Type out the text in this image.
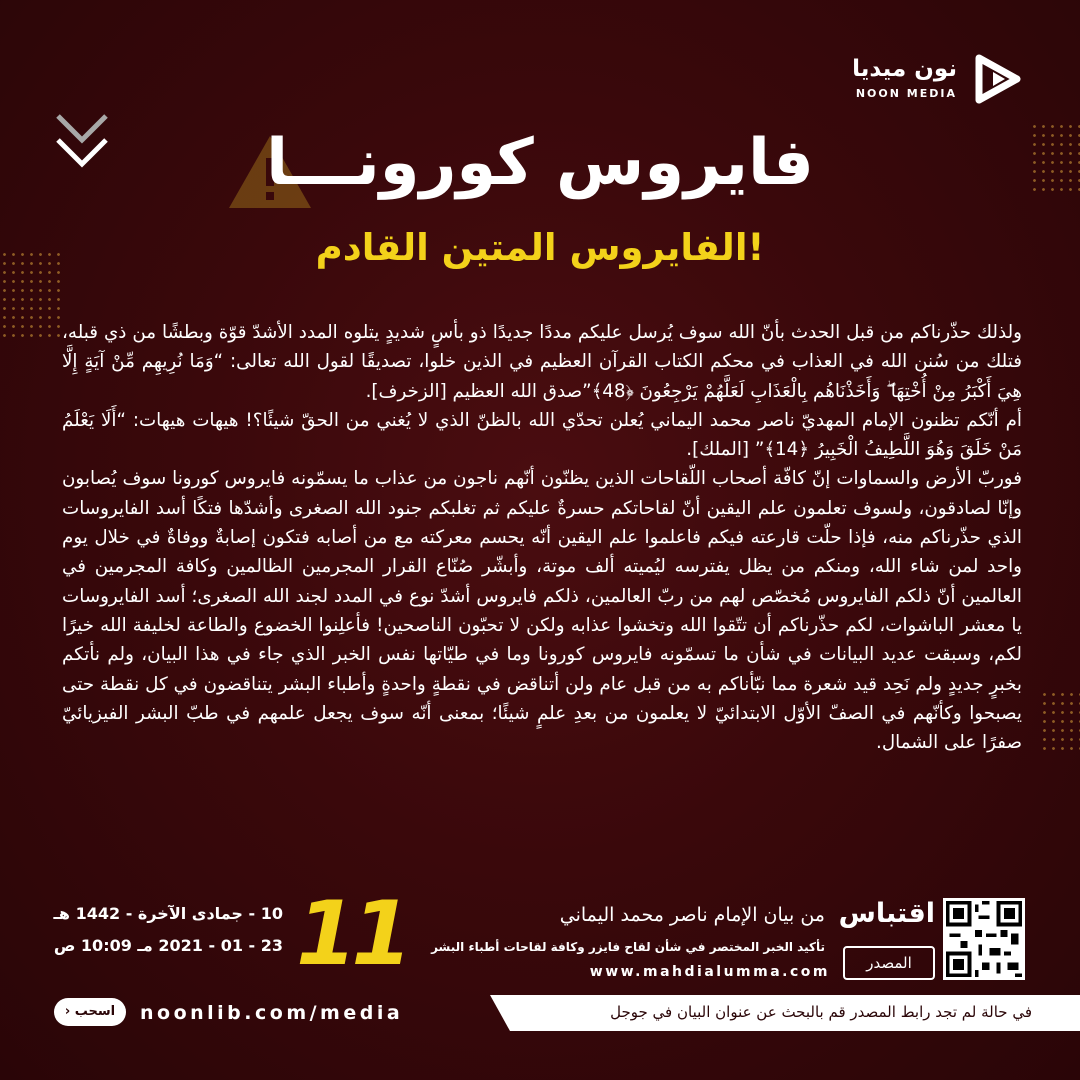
نون ميديا
NOON MEDIA
فايروس كورونـــا
الفايروس المتين القادم!

ولذلك حذّرناكم من قبل الحدث بأنّ الله سوف يُرسل عليكم مددًا جديدًا ذو بأسٍ شديدٍ يتلوه المدد الأشدّ قوّة وبطشًا من ذي قبله، فتلك من سُنن الله في العذاب في محكم الكتاب القرآن العظيم في الذين خلوا، تصديقًا لقول الله تعالى: “وَمَا نُرِيهِم مِّنْ آيَةٍ إِلَّا هِيَ أَكْبَرُ مِنْ أُخْتِهَا ۖ وَأَخَذْنَاهُم بِالْعَذَابِ لَعَلَّهُمْ يَرْجِعُونَ ﴿48﴾”صدق الله العظيم [الزخرف].

أم أنّكم تظنون الإمام المهديّ ناصر محمد اليماني يُعلن تحدّي الله بالظنّ الذي لا يُغني من الحقّ شيئًا؟! هيهات هيهات: “أَلَا يَعْلَمُ مَنْ خَلَقَ وَهُوَ اللَّطِيفُ الْخَبِيرُ ﴿14﴾” [الملك].

فوربّ الأرض والسماوات إنّ كافّة أصحاب اللّقاحات الذين يظنّون أنّهم ناجون من عذاب ما يسمّونه فايروس كورونا سوف يُصابون وإنّا لصادقون، ولسوف تعلمون علم اليقين أنّ لقاحاتكم حسرةٌ عليكم ثم تغلبكم جنود الله الصغرى وأشدّها فتكًا أسد الفايروسات الذي حذّرناكم منه، فإذا حلّت قارعته فيكم فاعلموا علم اليقين أنّه يحسم معركته مع من أصابه فتكون إصابةٌ ووفاةٌ في خلال يوم واحد لمن شاء الله، ومنكم من يظل يفترسه ليُميته ألف موتة، وأبشّر صُنّاع القرار المجرمين الظالمين وكافة المجرمين في العالمين أنّ ذلكم الفايروس مُخصّص لهم من ربّ العالمين، ذلكم فايروس أشدّ نوع في المدد لجند الله الصغرى؛ أسد الفايروسات يا معشر الباشوات، لكم حذّرناكم أن تتّقوا الله وتخشوا عذابه ولكن لا تحبّون الناصحين! فأعلِنوا الخضوع والطاعة لخليفة الله خيرًا لكم، وسبقت عديد البيانات في شأن ما تسمّونه فايروس كورونا وما في طيّاتها نفس الخبر الذي جاء في هذا البيان، ولم نأتكم بخبرٍ جديدٍ ولم نَحِد قيد شعرة مما نبّأناكم به من قبل عام ولن أتناقض في نقطةٍ واحدةٍ وأطباء البشر يتناقضون في كل نقطة حتى يصبحوا وكأنّهم في الصفّ الأوّل الابتدائيّ لا يعلمون من بعدِ علمٍ شيئًا؛ بمعنى أنّه سوف يجعل علمهم في طبّ البشر الفيزيائيّ صفرًا على الشمال.

اقتباس
المصدر
من بيان الإمام ناصر محمد اليماني
تأكيد الخبر المختصر في شأن لقاح فايزر وكافة لقاحات أطباء البشر
www.mahdialumma.com
11
10 - جمادى الآخرة - 1442 هـ
23 - 01 - 2021 مـ 10:09 ص
› اسحب	noonlib.com/media	في حالة لم تجد رابط المصدر قم بالبحث عن عنوان البيان في جوجل
